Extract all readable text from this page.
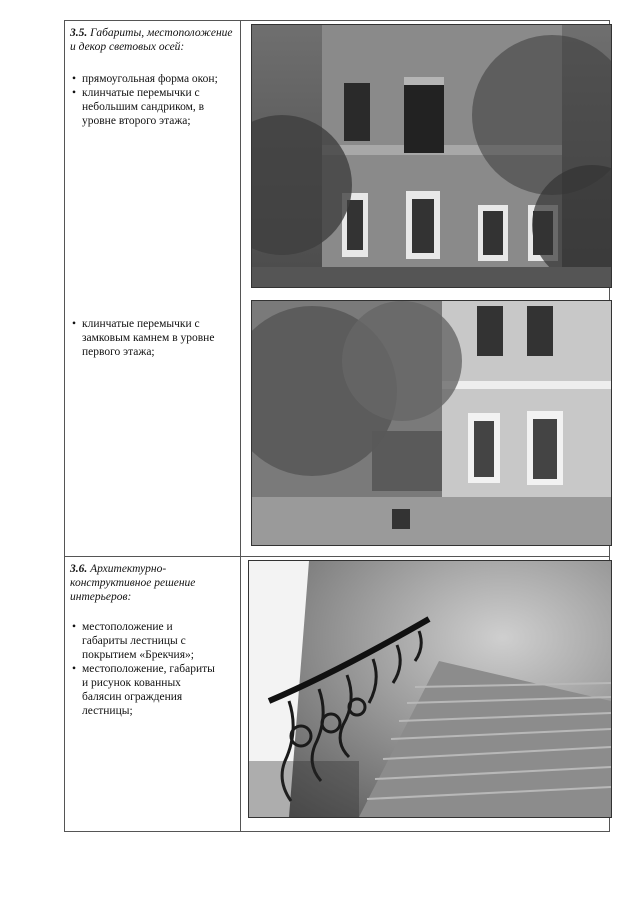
3.5. Габариты, местоположение и декор световых осей:
• прямоугольная форма окон;
• клинчатые перемычки с небольшим сандриком, в уровне второго этажа;
• клинчатые перемычки с замковым камнем в уровне первого этажа;
3.6. Архитектурно-конструктивное решение интерьеров:
• местоположение и габариты лестницы с покрытием «Брекчия»;
• местоположение, габариты и рисунок кованных балясин ограждения лестницы;
